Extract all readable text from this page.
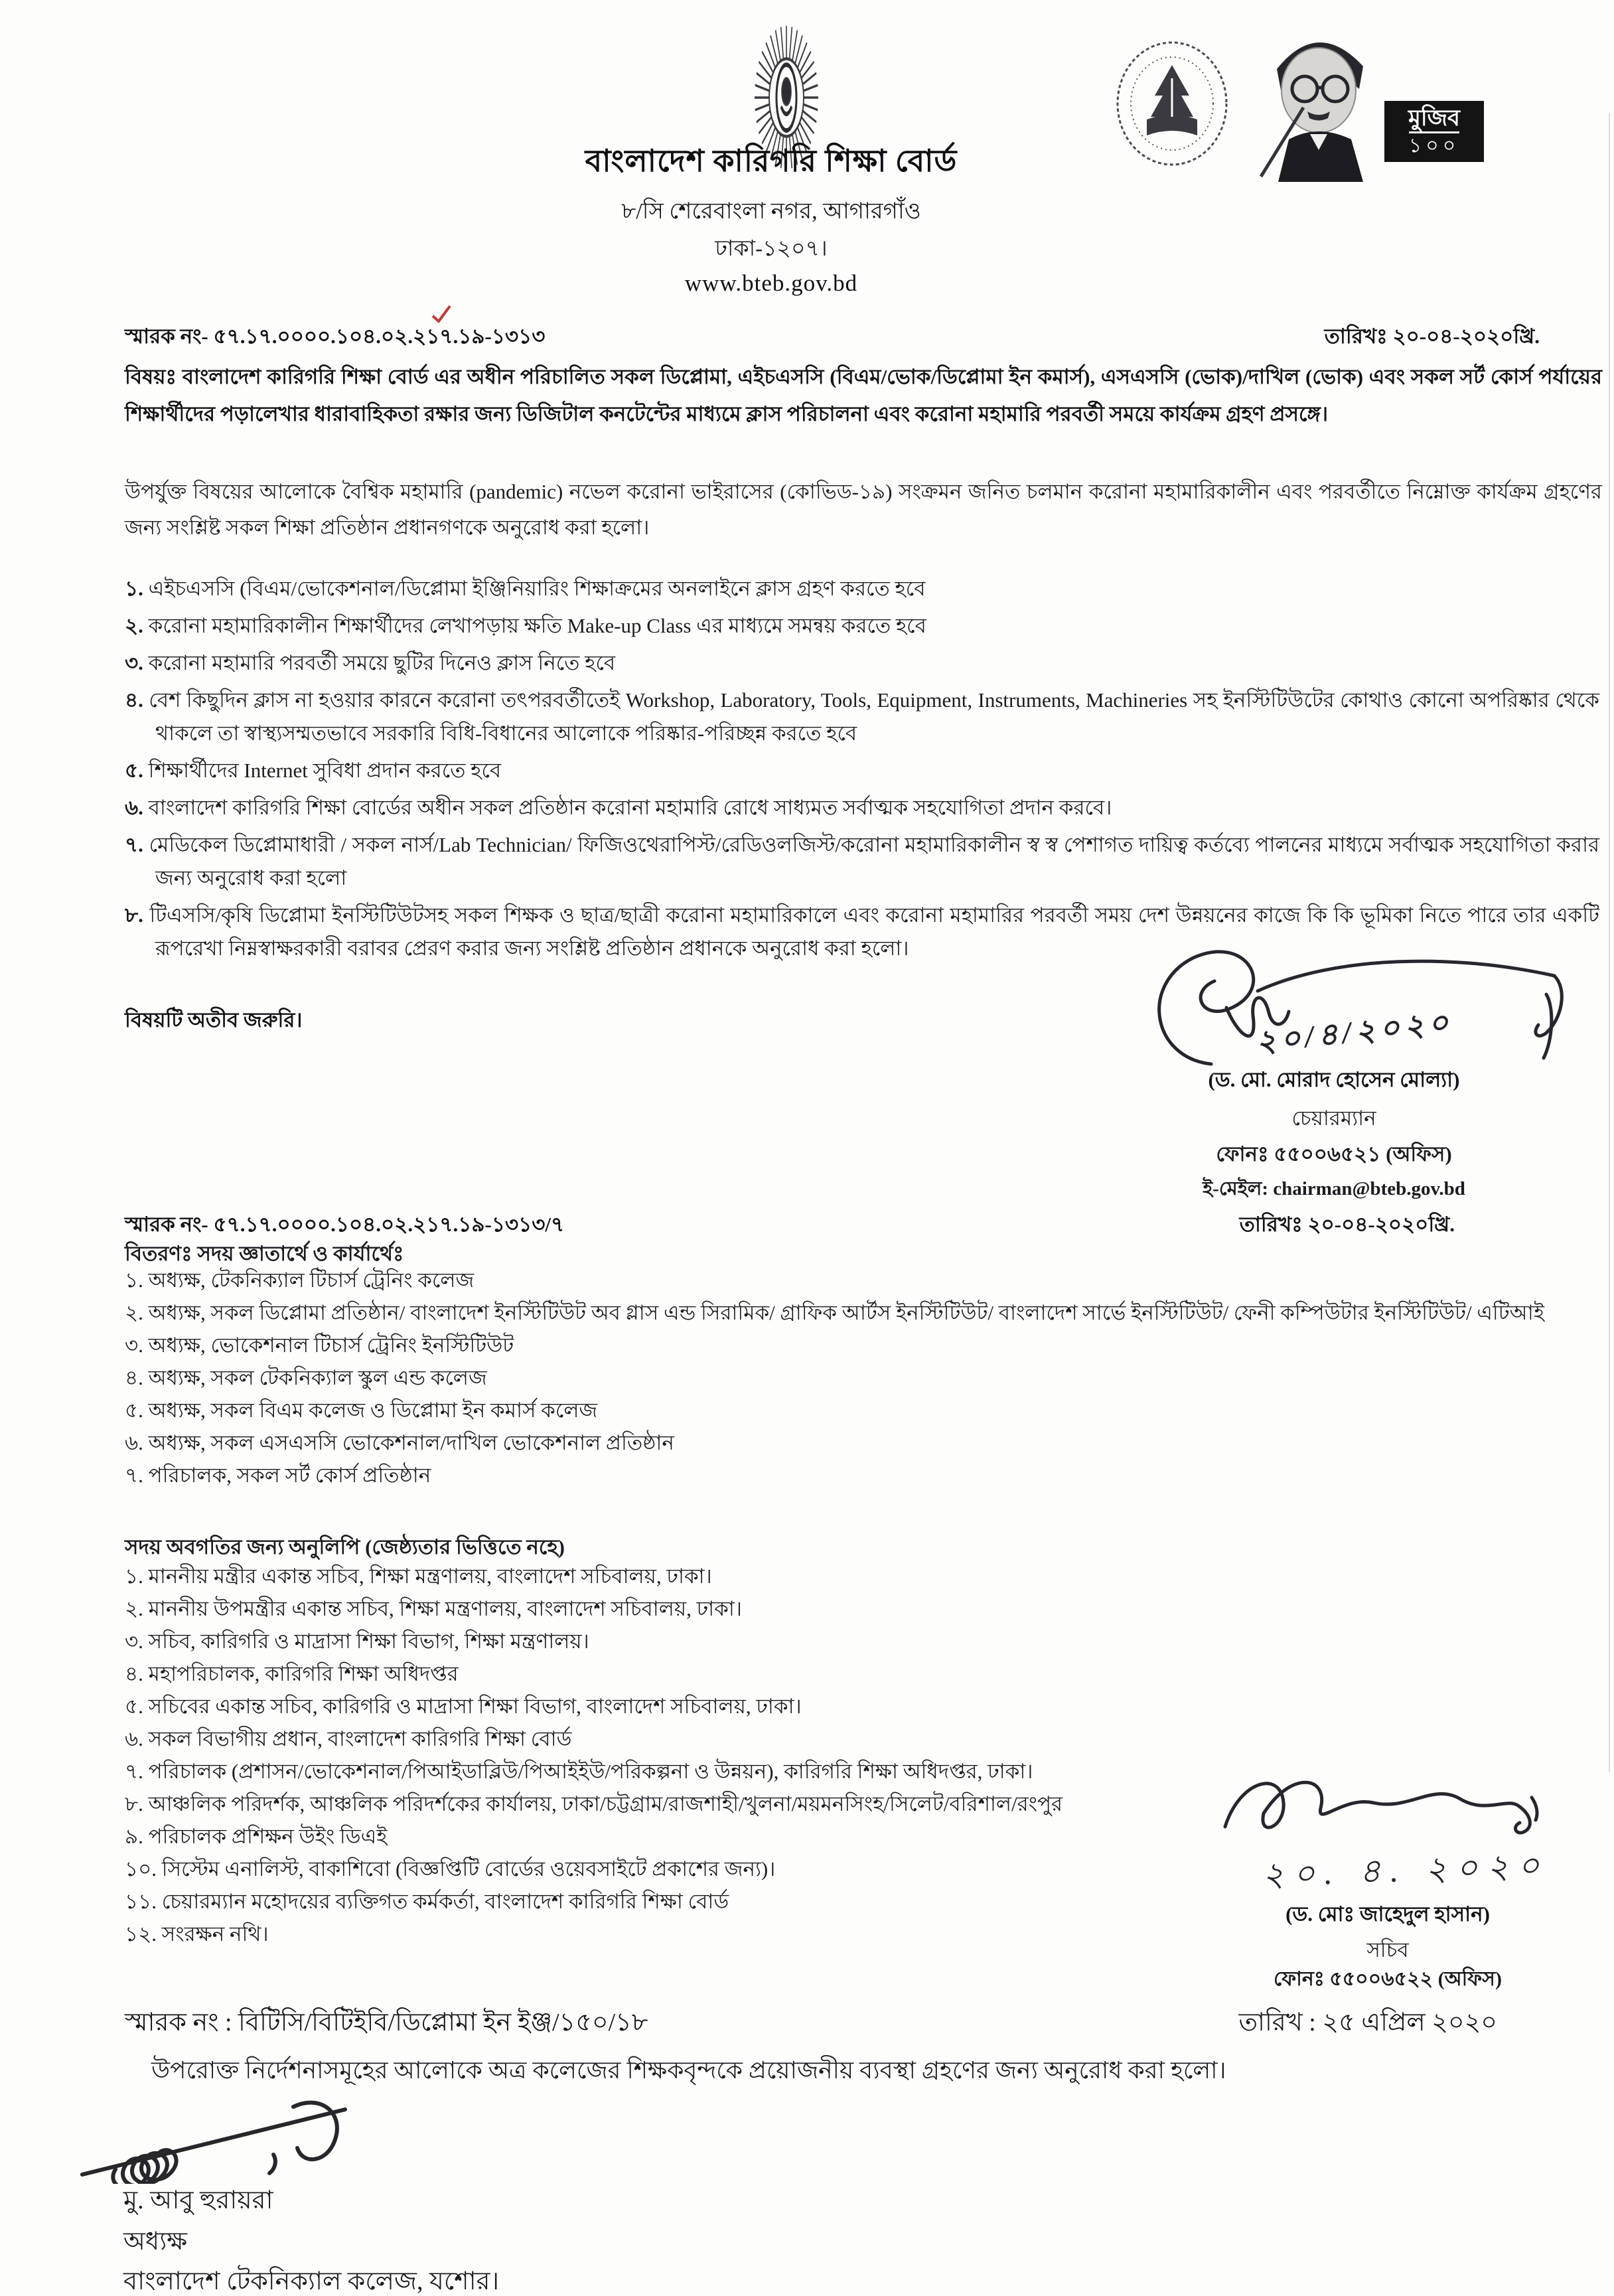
মুজিব
১০০
বাংলাদেশ কারিগরি শিক্ষা বোর্ড
৮/সি শেরেবাংলা নগর, আগারগাঁও
ঢাকা-১২০৭।
www.bteb.gov.bd
স্মারক নং- ৫৭.১৭.০০০০.১০৪.০২.২১৭.১৯-১৩১৩	তারিখঃ ২০-০৪-২০২০খ্রি.
বিষয়ঃ বাংলাদেশ কারিগরি শিক্ষা বোর্ড এর অধীন পরিচালিত সকল ডিপ্লোমা, এইচএসসি (বিএম/ভোক/ডিপ্লোমা ইন কমার্স), এসএসসি (ভোক)/দাখিল (ভোক) এবং সকল সর্ট কোর্স পর্যায়ের শিক্ষার্থীদের পড়ালেখার ধারাবাহিকতা রক্ষার জন্য ডিজিটাল কনটেন্টের মাধ্যমে ক্লাস পরিচালনা এবং করোনা মহামারি পরবর্তী সময়ে কার্যক্রম গ্রহণ প্রসঙ্গে।
উপর্যুক্ত বিষয়ের আলোকে বৈশ্বিক মহামারি (pandemic) নভেল করোনা ভাইরাসের (কোভিড-১৯) সংক্রমন জনিত চলমান করোনা মহামারিকালীন এবং পরবর্তীতে নিম্নোক্ত কার্যক্রম গ্রহণের জন্য সংশ্লিষ্ট সকল শিক্ষা প্রতিষ্ঠান প্রধানগণকে অনুরোধ করা হলো।
১. এইচএসসি (বিএম/ভোকেশনাল/ডিপ্লোমা ইঞ্জিনিয়ারিং শিক্ষাক্রমের অনলাইনে ক্লাস গ্রহণ করতে হবে
২. করোনা মহামারিকালীন শিক্ষার্থীদের লেখাপড়ায় ক্ষতি Make-up Class এর মাধ্যমে সমন্বয় করতে হবে
৩. করোনা মহামারি পরবর্তী সময়ে ছুটির দিনেও ক্লাস নিতে হবে
৪. বেশ কিছুদিন ক্লাস না হওয়ার কারনে করোনা তৎপরবর্তীতেই Workshop, Laboratory, Tools, Equipment, Instruments, Machineries সহ ইনস্টিটিউটের কোথাও কোনো অপরিষ্কার থেকে থাকলে তা স্বাস্থ্যসম্মতভাবে সরকারি বিধি-বিধানের আলোকে পরিষ্কার-পরিচ্ছন্ন করতে হবে
৫. শিক্ষার্থীদের Internet সুবিধা প্রদান করতে হবে
৬. বাংলাদেশ কারিগরি শিক্ষা বোর্ডের অধীন সকল প্রতিষ্ঠান করোনা মহামারি রোধে সাধ্যমত সর্বাত্মক সহযোগিতা প্রদান করবে।
৭. মেডিকেল ডিপ্লোমাধারী / সকল নার্স/Lab Technician/ ফিজিওথেরাপিস্ট/রেডিওলজিস্ট/করোনা মহামারিকালীন স্ব স্ব পেশাগত দায়িত্ব কর্তব্যে পালনের মাধ্যমে সর্বাত্মক সহযোগিতা করার জন্য অনুরোধ করা হলো
৮. টিএসসি/কৃষি ডিপ্লোমা ইনস্টিটিউটসহ সকল শিক্ষক ও ছাত্র/ছাত্রী করোনা মহামারিকালে এবং করোনা মহামারির পরবর্তী সময় দেশ উন্নয়নের কাজে কি কি ভূমিকা নিতে পারে তার একটি রূপরেখা নিম্নস্বাক্ষরকারী বরাবর প্রেরণ করার জন্য সংশ্লিষ্ট প্রতিষ্ঠান প্রধানকে অনুরোধ করা হলো।
বিষয়টি অতীব জরুরি।	২০/৪/২০২০
(ড. মো. মোরাদ হোসেন মোল্যা)
চেয়ারম্যান
ফোনঃ ৫৫০০৬৫২১ (অফিস)
ই-মেইল: chairman@bteb.gov.bd
স্মারক নং- ৫৭.১৭.০০০০.১০৪.০২.২১৭.১৯-১৩১৩/৭	তারিখঃ ২০-০৪-২০২০খ্রি.
বিতরণঃ সদয় জ্ঞাতার্থে ও কার্যার্থেঃ
১. অধ্যক্ষ, টেকনিক্যাল টিচার্স ট্রেনিং কলেজ
২. অধ্যক্ষ, সকল ডিপ্লোমা প্রতিষ্ঠান/ বাংলাদেশ ইনস্টিটিউট অব গ্লাস এন্ড সিরামিক/ গ্রাফিক আর্টস ইনস্টিটিউট/ বাংলাদেশ সার্ভে ইনস্টিটিউট/ ফেনী কম্পিউটার ইনস্টিটিউট/ এটিআই
৩. অধ্যক্ষ, ভোকেশনাল টিচার্স ট্রেনিং ইনস্টিটিউট
৪. অধ্যক্ষ, সকল টেকনিক্যাল স্কুল এন্ড কলেজ
৫. অধ্যক্ষ, সকল বিএম কলেজ ও ডিপ্লোমা ইন কমার্স কলেজ
৬. অধ্যক্ষ, সকল এসএসসি ভোকেশনাল/দাখিল ভোকেশনাল প্রতিষ্ঠান
৭. পরিচালক, সকল সর্ট কোর্স প্রতিষ্ঠান
সদয় অবগতির জন্য অনুলিপি (জেষ্ঠ্যতার ভিত্তিতে নহে)
১. মাননীয় মন্ত্রীর একান্ত সচিব, শিক্ষা মন্ত্রণালয়, বাংলাদেশ সচিবালয়, ঢাকা।
২. মাননীয় উপমন্ত্রীর একান্ত সচিব, শিক্ষা মন্ত্রণালয়, বাংলাদেশ সচিবালয়, ঢাকা।
৩. সচিব, কারিগরি ও মাদ্রাসা শিক্ষা বিভাগ, শিক্ষা মন্ত্রণালয়।
৪. মহাপরিচালক, কারিগরি শিক্ষা অধিদপ্তর
৫. সচিবের একান্ত সচিব, কারিগরি ও মাদ্রাসা শিক্ষা বিভাগ, বাংলাদেশ সচিবালয়, ঢাকা।
৬. সকল বিভাগীয় প্রধান, বাংলাদেশ কারিগরি শিক্ষা বোর্ড
৭. পরিচালক (প্রশাসন/ভোকেশনাল/পিআইডাব্লিউ/পিআইইউ/পরিকল্পনা ও উন্নয়ন), কারিগরি শিক্ষা অধিদপ্তর, ঢাকা।
৮. আঞ্চলিক পরিদর্শক, আঞ্চলিক পরিদর্শকের কার্যালয়, ঢাকা/চট্টগ্রাম/রাজশাহী/খুলনা/ময়মনসিংহ/সিলেট/বরিশাল/রংপুর
৯. পরিচালক প্রশিক্ষন উইং ডিএই
১০. সিস্টেম এনালিস্ট, বাকাশিবো (বিজ্ঞপ্তিটি বোর্ডের ওয়েবসাইটে প্রকাশের জন্য)।
১১. চেয়ারম্যান মহোদয়ের ব্যক্তিগত কর্মকর্তা, বাংলাদেশ কারিগরি শিক্ষা বোর্ড
১২. সংরক্ষন নথি।
২০. ৪. ২০২০
(ড. মোঃ জাহেদুল হাসান)
সচিব
ফোনঃ ৫৫০০৬৫২২ (অফিস)
স্মারক নং : বিটিসি/বিটিইবি/ডিপ্লোমা ইন ইঞ্জ/১৫০/১৮	তারিখ : ২৫ এপ্রিল ২০২০
উপরোক্ত নির্দেশনাসমূহের আলোকে অত্র কলেজের শিক্ষকবৃন্দকে প্রয়োজনীয় ব্যবস্থা গ্রহণের জন্য অনুরোধ করা হলো।
মু. আবু হুরায়রা
অধ্যক্ষ
বাংলাদেশ টেকনিক্যাল কলেজ, যশোর।
